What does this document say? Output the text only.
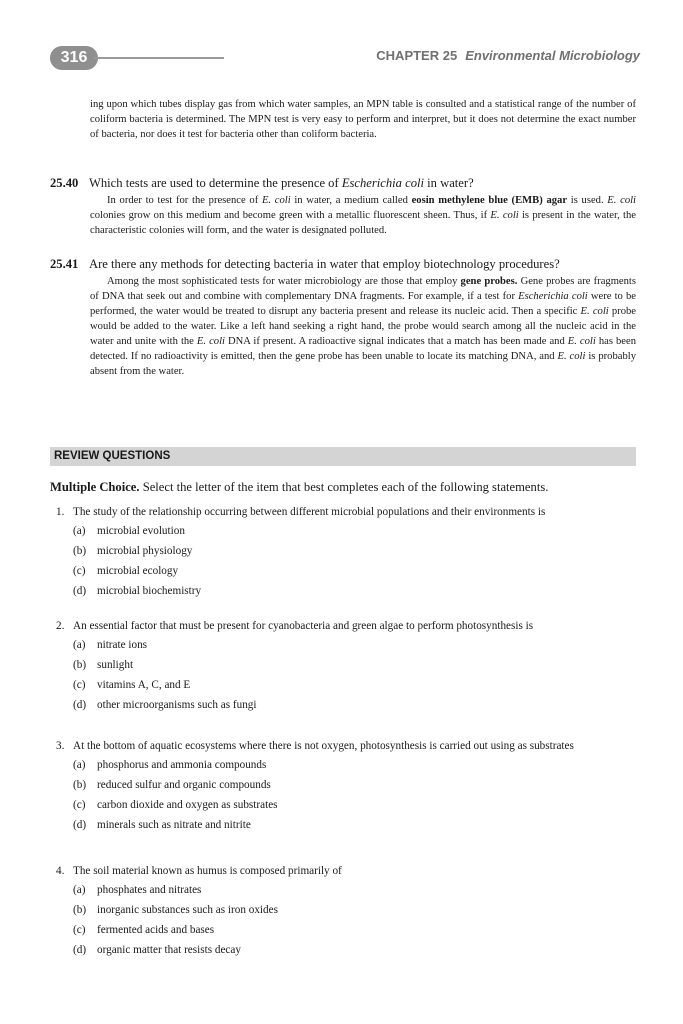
316	CHAPTER 25 Environmental Microbiology
ing upon which tubes display gas from which water samples, an MPN table is consulted and a statistical range of the number of coliform bacteria is determined. The MPN test is very easy to perform and interpret, but it does not determine the exact number of bacteria, nor does it test for bacteria other than coliform bacteria.
25.40 Which tests are used to determine the presence of Escherichia coli in water?
In order to test for the presence of E. coli in water, a medium called eosin methylene blue (EMB) agar is used. E. coli colonies grow on this medium and become green with a metallic fluorescent sheen. Thus, if E. coli is present in the water, the characteristic colonies will form, and the water is designated polluted.
25.41 Are there any methods for detecting bacteria in water that employ biotechnology procedures?
Among the most sophisticated tests for water microbiology are those that employ gene probes. Gene probes are fragments of DNA that seek out and combine with complementary DNA fragments. For example, if a test for Escherichia coli were to be performed, the water would be treated to disrupt any bacteria present and release its nucleic acid. Then a specific E. coli probe would be added to the water. Like a left hand seeking a right hand, the probe would search among all the nucleic acid in the water and unite with the E. coli DNA if present. A radioactive signal indicates that a match has been made and E. coli has been detected. If no radioactivity is emitted, then the gene probe has been unable to locate its matching DNA, and E. coli is probably absent from the water.
REVIEW QUESTIONS
Multiple Choice. Select the letter of the item that best completes each of the following statements.
1. The study of the relationship occurring between different microbial populations and their environments is
(a) microbial evolution
(b) microbial physiology
(c) microbial ecology
(d) microbial biochemistry
2. An essential factor that must be present for cyanobacteria and green algae to perform photosynthesis is
(a) nitrate ions
(b) sunlight
(c) vitamins A, C, and E
(d) other microorganisms such as fungi
3. At the bottom of aquatic ecosystems where there is not oxygen, photosynthesis is carried out using as substrates
(a) phosphorus and ammonia compounds
(b) reduced sulfur and organic compounds
(c) carbon dioxide and oxygen as substrates
(d) minerals such as nitrate and nitrite
4. The soil material known as humus is composed primarily of
(a) phosphates and nitrates
(b) inorganic substances such as iron oxides
(c) fermented acids and bases
(d) organic matter that resists decay
